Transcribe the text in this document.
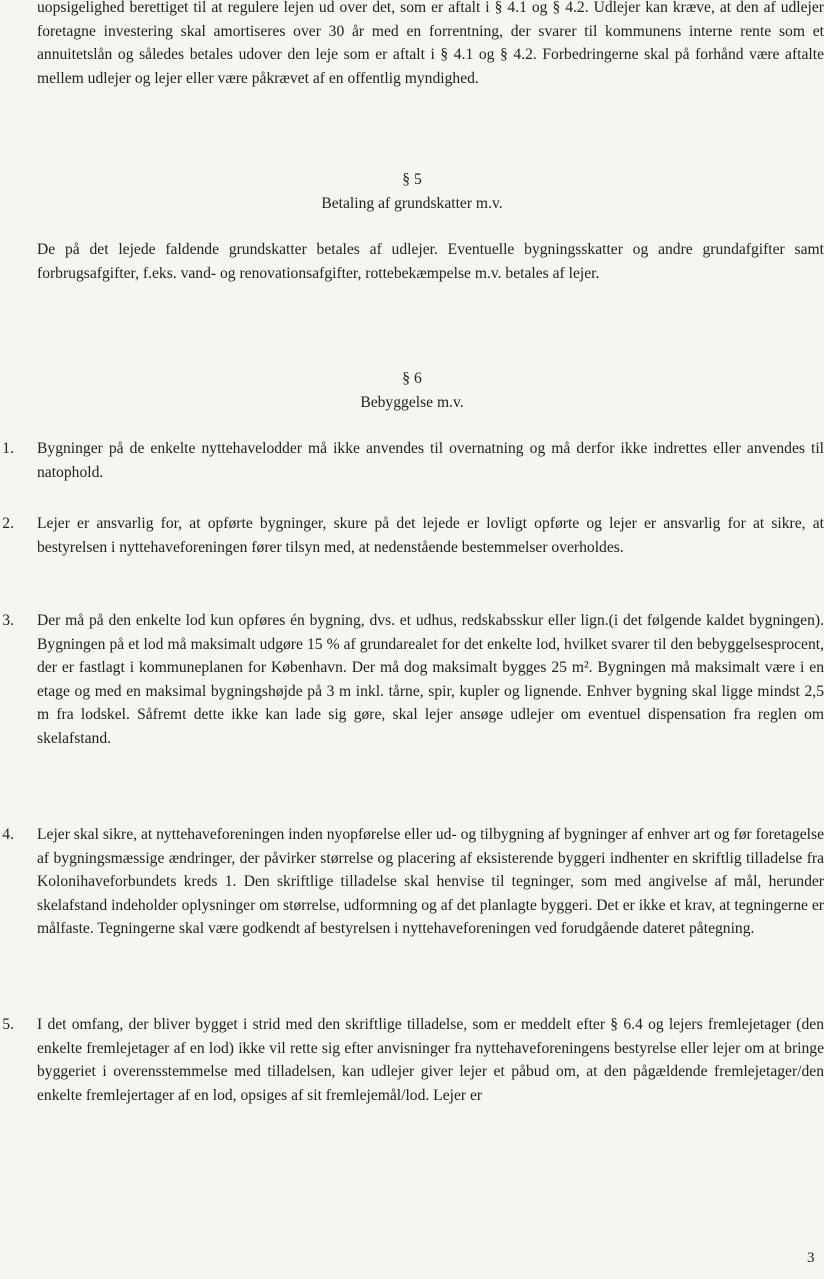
uopsigelighed berettiget til at regulere lejen ud over det, som er aftalt i § 4.1 og § 4.2. Udlejer kan kræve, at den af udlejer foretagne investering skal amortiseres over 30 år med en forrentning, der svarer til kommunens interne rente som et annuitetslån og således betales udover den leje som er aftalt i § 4.1 og § 4.2. Forbedringerne skal på forhånd være aftalte mellem udlejer og lejer eller være påkrævet af en offentlig myndighed.

§ 5
Betaling af grundskatter m.v.

De på det lejede faldende grundskatter betales af udlejer. Eventuelle bygningsskatter og andre grundafgifter samt forbrugsafgifter, f.eks. vand- og renovationsafgifter, rottebekæmpelse m.v. betales af lejer.

§ 6
Bebyggelse m.v.
1. Bygninger på de enkelte nyttehavelodder må ikke anvendes til overnatning og må derfor ikke indrettes eller anvendes til natophold.

2. Lejer er ansvarlig for, at opførte bygninger, skure på det lejede er lovligt opførte og lejer er ansvarlig for at sikre, at bestyrelsen i nyttehaveforeningen fører tilsyn med, at nedenstående bestemmelser overholdes.

3. Der må på den enkelte lod kun opføres én bygning, dvs. et udhus, redskabsskur eller lign.(i det følgende kaldet bygningen). Bygningen på et lod må maksimalt udgøre 15 % af grundarealet for det enkelte lod, hvilket svarer til den bebyggelsesprocent, der er fastlagt i kommuneplanen for København. Der må dog maksimalt bygges 25 m². Bygningen må maksimalt være i en etage og med en maksimal bygningshøjde på 3 m inkl. tårne, spir, kupler og lignende. Enhver bygning skal ligge mindst 2,5 m fra lodskel. Såfremt dette ikke kan lade sig gøre, skal lejer ansøge udlejer om eventuel dispensation fra reglen om skelafstand.

4. Lejer skal sikre, at nyttehaveforeningen inden nyopførelse eller ud- og tilbygning af bygninger af enhver art og før foretagelse af bygningsmæssige ændringer, der påvirker størrelse og placering af eksisterende byggeri indhenter en skriftlig tilladelse fra Kolonihaveforbundets kreds 1. Den skriftlige tilladelse skal henvise til tegninger, som med angivelse af mål, herunder skelafstand indeholder oplysninger om størrelse, udformning og af det planlagte byggeri. Det er ikke et krav, at tegningerne er målfaste. Tegningerne skal være godkendt af bestyrelsen i nyttehaveforeningen ved forudgående dateret påtegning.

5. I det omfang, der bliver bygget i strid med den skriftlige tilladelse, som er meddelt efter § 6.4 og lejers fremlejetager (den enkelte fremlejetager af en lod) ikke vil rette sig efter anvisninger fra nyttehaveforeningens bestyrelse eller lejer om at bringe byggeriet i overensstemmelse med tilladelsen, kan udlejer giver lejer et påbud om, at den pågældende fremlejetager/den enkelte fremlejertager af en lod, opsiges af sit fremlejemål/lod. Lejer er

3
